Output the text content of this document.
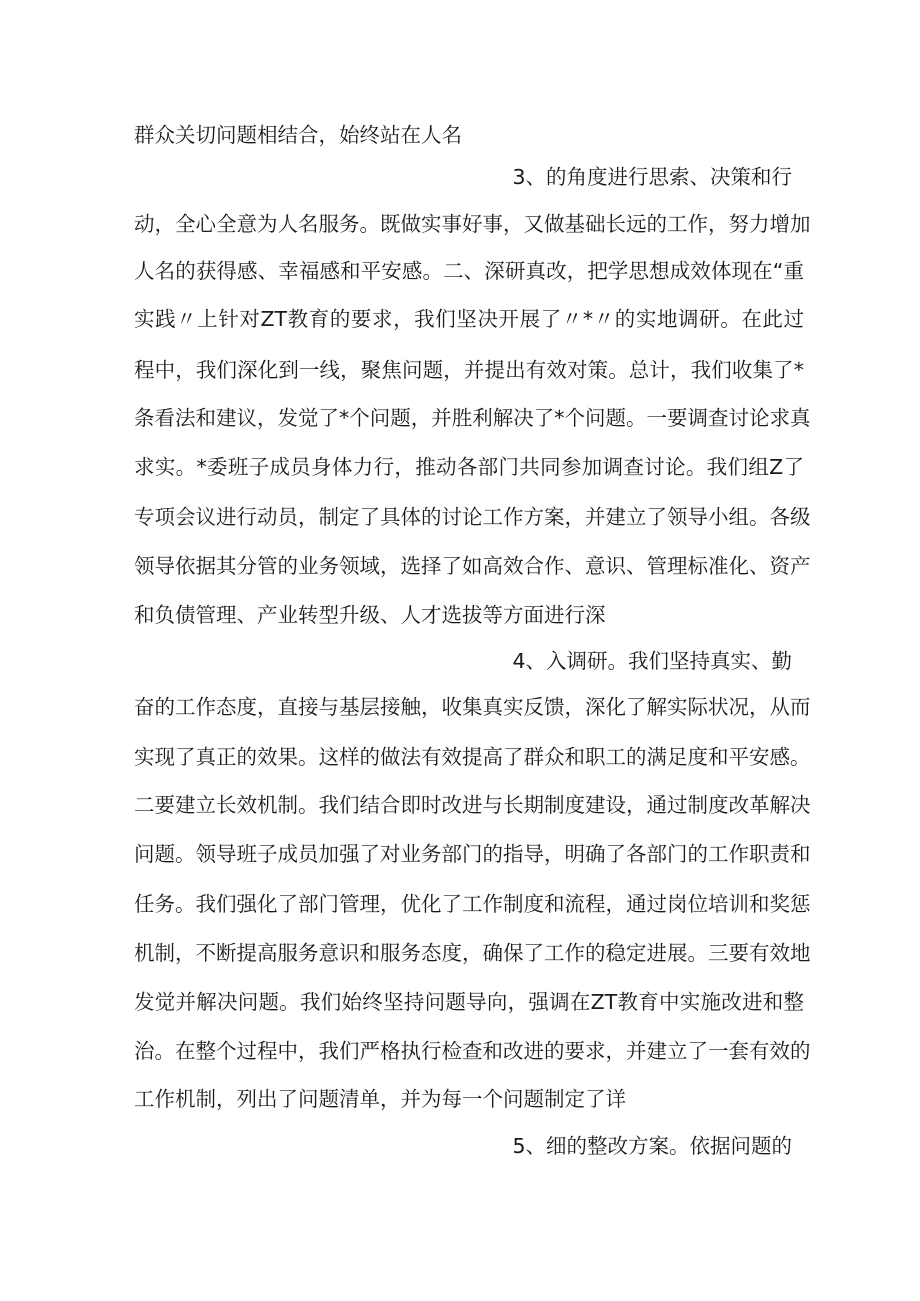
群众关切问题相结合，始终站在人名
3、的角度进行思索、决策和行
动，全心全意为人名服务。既做实事好事，又做基础长远的工作，努力增加
人名的获得感、幸福感和平安感。二、深研真改，把学思想成效体现在“重
实践〃上针对ZT教育的要求，我们坚决开展了〃*〃的实地调研。在此过
程中，我们深化到一线，聚焦问题，并提出有效对策。总计，我们收集了*
条看法和建议，发觉了*个问题，并胜利解决了*个问题。一要调查讨论求真
求实。*委班子成员身体力行，推动各部门共同参加调查讨论。我们组Z了
专项会议进行动员，制定了具体的讨论工作方案，并建立了领导小组。各级
领导依据其分管的业务领域，选择了如高效合作、意识、管理标准化、资产
和负债管理、产业转型升级、人才选拔等方面进行深
4、入调研。我们坚持真实、勤
奋的工作态度，直接与基层接触，收集真实反馈，深化了解实际状况，从而
实现了真正的效果。这样的做法有效提高了群众和职工的满足度和平安感。
二要建立长效机制。我们结合即时改进与长期制度建设，通过制度改革解决
问题。领导班子成员加强了对业务部门的指导，明确了各部门的工作职责和
任务。我们强化了部门管理，优化了工作制度和流程，通过岗位培训和奖惩
机制，不断提高服务意识和服务态度，确保了工作的稳定进展。三要有效地
发觉并解决问题。我们始终坚持问题导向，强调在ZT教育中实施改进和整
治。在整个过程中，我们严格执行检查和改进的要求，并建立了一套有效的
工作机制，列出了问题清单，并为每一个问题制定了详
5、细的整改方案。依据问题的
